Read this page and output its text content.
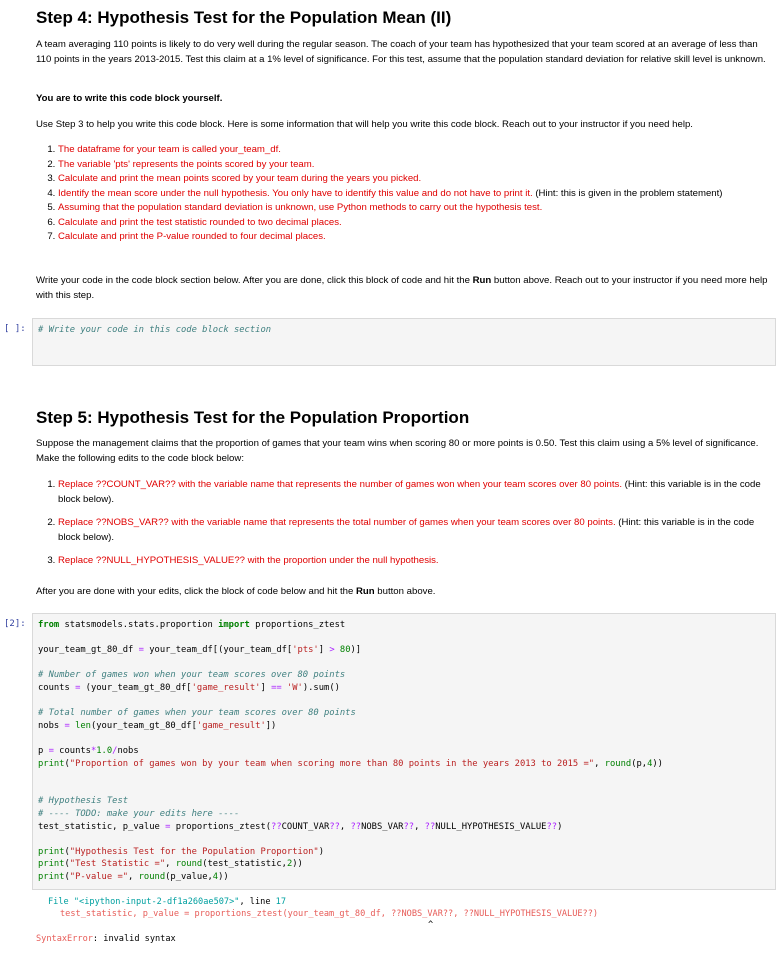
Step 4: Hypothesis Test for the Population Mean (II)

A team averaging 110 points is likely to do very well during the regular season. The coach of your team has hypothesized that your team scored at an average of less than 110 points in the years 2013-2015. Test this claim at a 1% level of significance. For this test, assume that the population standard deviation for relative skill level is unknown.

You are to write this code block yourself.

Use Step 3 to help you write this code block. Here is some information that will help you write this code block. Reach out to your instructor if you need help.

1. The dataframe for your team is called your_team_df.
2. The variable 'pts' represents the points scored by your team.
3. Calculate and print the mean points scored by your team during the years you picked.
4. Identify the mean score under the null hypothesis. You only have to identify this value and do not have to print it. (Hint: this is given in the problem statement)
5. Assuming that the population standard deviation is unknown, use Python methods to carry out the hypothesis test.
6. Calculate and print the test statistic rounded to two decimal places.
7. Calculate and print the P-value rounded to four decimal places.

Write your code in the code block section below. After you are done, click this block of code and hit the Run button above. Reach out to your instructor if you need more help with this step.

[ ]:	# Write your code in this code block section
Step 5: Hypothesis Test for the Population Proportion

Suppose the management claims that the proportion of games that your team wins when scoring 80 or more points is 0.50. Test this claim using a 5% level of significance. Make the following edits to the code block below:

1. Replace ??COUNT_VAR?? with the variable name that represents the number of games won when your team scores over 80 points. (Hint: this variable is in the code block below).
2. Replace ??NOBS_VAR?? with the variable name that represents the total number of games when your team scores over 80 points. (Hint: this variable is in the code block below).
3. Replace ??NULL_HYPOTHESIS_VALUE?? with the proportion under the null hypothesis.

After you are done with your edits, click the block of code below and hit the Run button above.

[2]:	from statsmodels.stats.proportion import proportions_ztest

your_team_gt_80_df = your_team_df[(your_team_df['pts'] > 80)]

# Number of games won when your team scores over 80 points
counts = (your_team_gt_80_df['game_result'] == 'W').sum()

# Total number of games when your team scores over 80 points
nobs = len(your_team_gt_80_df['game_result'])

p = counts*1.0/nobs
print("Proportion of games won by your team when scoring more than 80 points in the years 2013 to 2015 =", round(p,4))

# Hypothesis Test
# ---- TODO: make your edits here ----
test_statistic, p_value = proportions_ztest(??COUNT_VAR??, ??NOBS_VAR??, ??NULL_HYPOTHESIS_VALUE??)

print("Hypothesis Test for the Population Proportion")
print("Test Statistic =", round(test_statistic,2))
print("P-value =", round(p_value,4))
File "<ipython-input-2-df1a260ae507>", line 17
test_statistic, p_value = proportions_ztest(your_team_gt_80_df, ??NOBS_VAR??, ??NULL_HYPOTHESIS_VALUE??)
^
SyntaxError: invalid syntax
